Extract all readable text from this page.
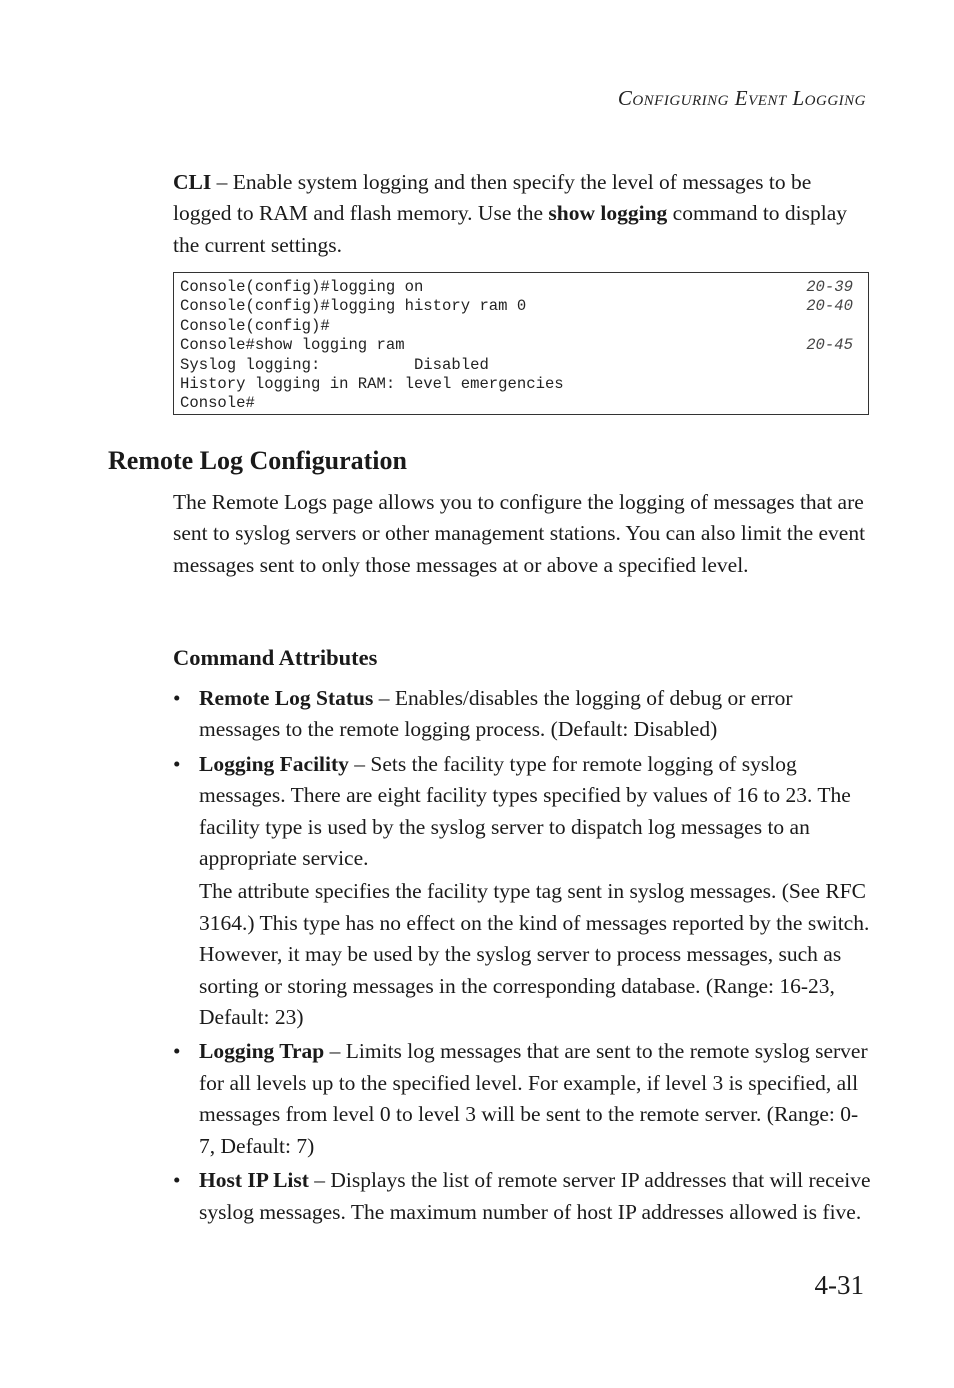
Configuring Event Logging

CLI – Enable system logging and then specify the level of messages to be logged to RAM and flash memory. Use the show logging command to display the current settings.

Console(config)#logging on	20-39
Console(config)#logging history ram 0	20-40
Console(config)#
Console#show logging ram	20-45
Syslog logging:          Disabled
History logging in RAM: level emergencies
Console#
Remote Log Configuration

The Remote Logs page allows you to configure the logging of messages that are sent to syslog servers or other management stations. You can also limit the event messages sent to only those messages at or above a specified level.

Command Attributes
• Remote Log Status – Enables/disables the logging of debug or error messages to the remote logging process. (Default: Disabled)

• Logging Facility – Sets the facility type for remote logging of syslog messages. There are eight facility types specified by values of 16 to 23. The facility type is used by the syslog server to dispatch log messages to an appropriate service.

The attribute specifies the facility type tag sent in syslog messages. (See RFC 3164.) This type has no effect on the kind of messages reported by the switch. However, it may be used by the syslog server to process messages, such as sorting or storing messages in the corresponding database. (Range: 16-23, Default: 23)

• Logging Trap – Limits log messages that are sent to the remote syslog server for all levels up to the specified level. For example, if level 3 is specified, all messages from level 0 to level 3 will be sent to the remote server. (Range: 0-7, Default: 7)

• Host IP List – Displays the list of remote server IP addresses that will receive syslog messages. The maximum number of host IP addresses allowed is five.

4-31
